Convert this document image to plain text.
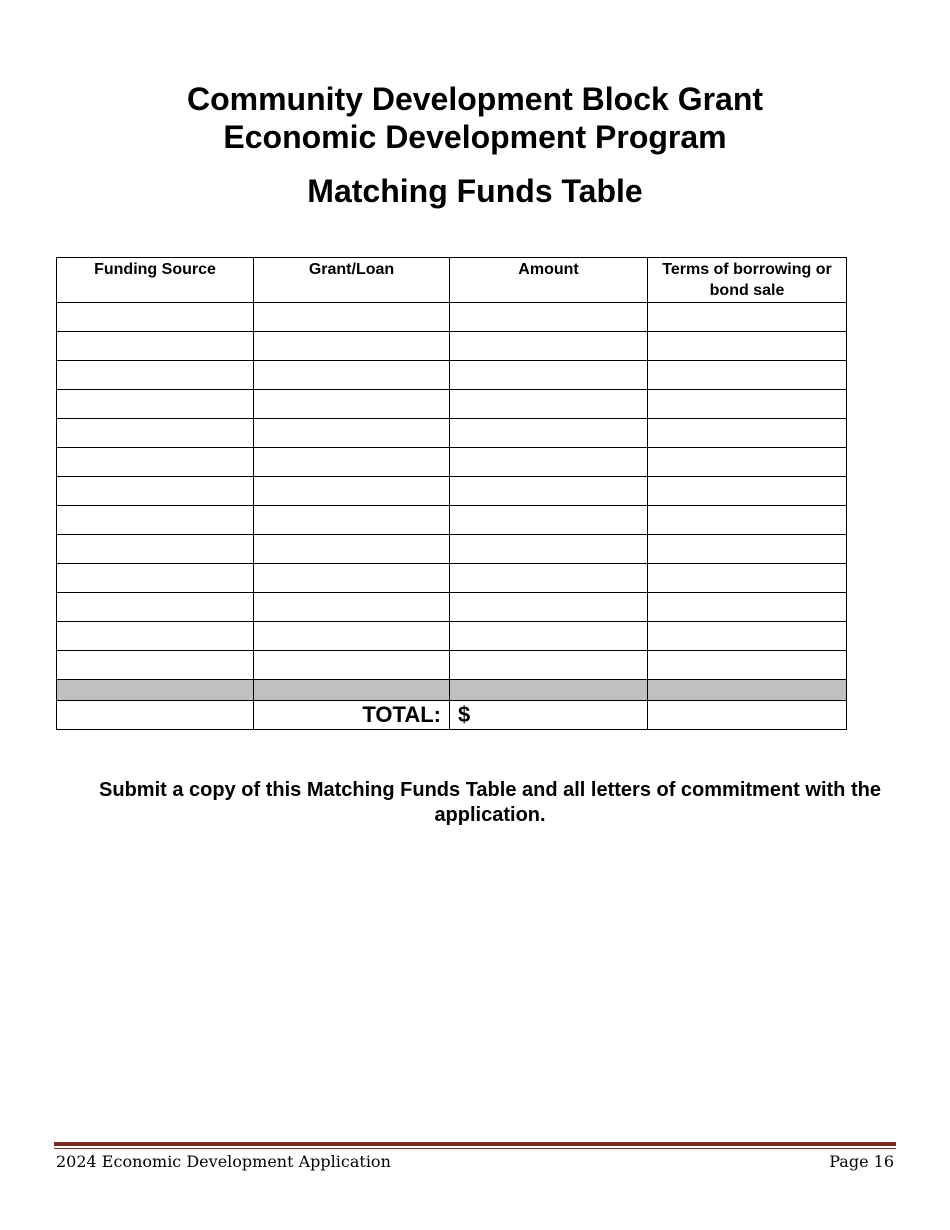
Community Development Block Grant
Economic Development Program
Matching Funds Table
Funding Source	Grant/Loan	Amount	Terms of borrowing or bond sale

	TOTAL:	$	
Submit a copy of this Matching Funds Table and all letters of commitment with the application.
2024 Economic Development Application	Page 16
